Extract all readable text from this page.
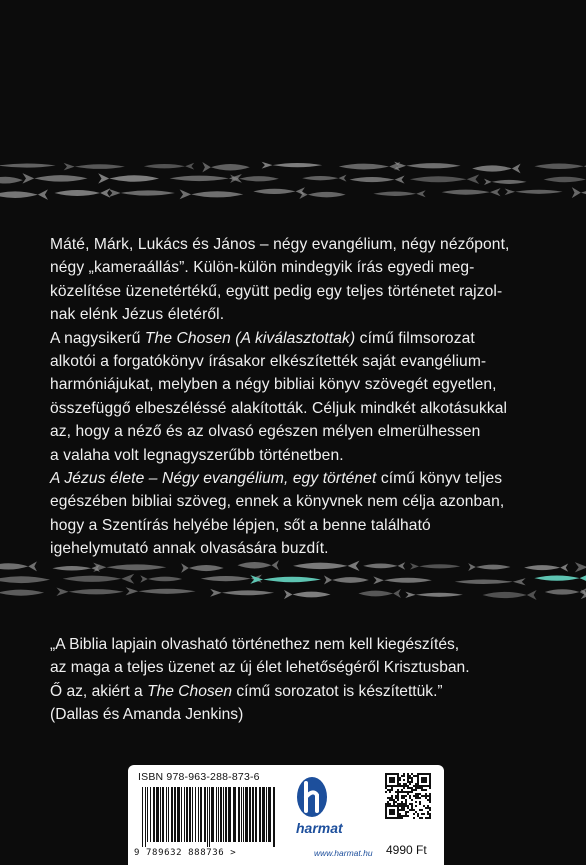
Máté, Márk, Lukács és János – négy evangélium, négy nézőpont,
négy „kameraállás”. Külön-külön mindegyik írás egyedi meg-
közelítése üzenetértékű, együtt pedig egy teljes történetet rajzol-
nak elénk Jézus életéről.

A nagysikerű The Chosen (A kiválasztottak) című filmsorozat
alkotói a forgatókönyv írásakor elkészítették saját evangélium-
harmóniájukat, melyben a négy bibliai könyv szövegét egyetlen,
összefüggő elbeszéléssé alakították. Céljuk mindkét alkotásukkal
az, hogy a néző és az olvasó egészen mélyen elmerülhessen
a valaha volt legnagyszerűbb történetben.

A Jézus élete – Négy evangélium, egy történet című könyv teljes
egészében bibliai szöveg, ennek a könyvnek nem célja azonban,
hogy a Szentírás helyébe lépjen, sőt a benne található
igehelymutató annak olvasására buzdít.

„A Biblia lapjain olvasható történethez nem kell kiegészítés,
az maga a teljes üzenet az új élet lehetőségéről Krisztusban.
Ő az, akiért a The Chosen című sorozatot is készítettük.”
(Dallas és Amanda Jenkins)

ISBN 978-963-288-873-6
9 789632 888736 >
harmat
www.harmat.hu 4990 Ft
